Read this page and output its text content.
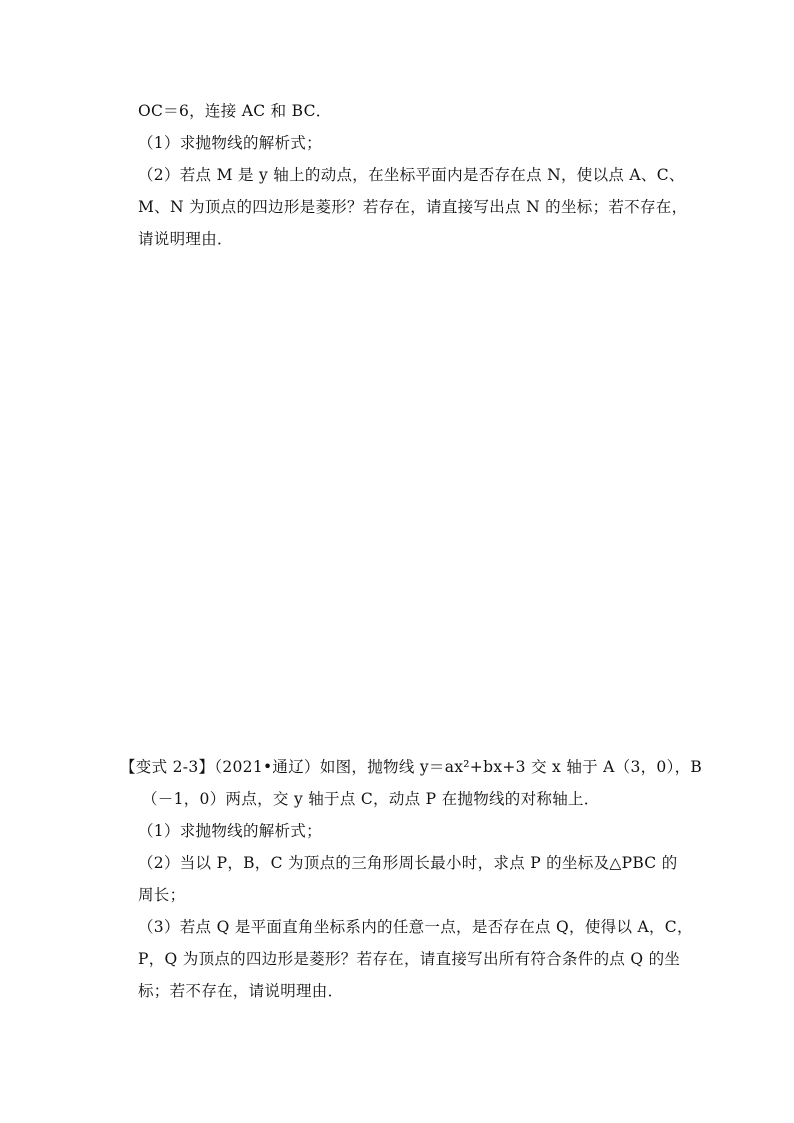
OC＝6，连接 AC 和 BC．
（1）求抛物线的解析式；
（2）若点 M 是 y 轴上的动点，在坐标平面内是否存在点 N，使以点 A、C、
M、N 为顶点的四边形是菱形？若存在，请直接写出点 N 的坐标；若不存在，
请说明理由．
【变式 2-3】（2021•通辽）如图，抛物线 y＝ax²+bx+3 交 x 轴于 A（3，0），B
（－1，0）两点，交 y 轴于点 C，动点 P 在抛物线的对称轴上．
（1）求抛物线的解析式；
（2）当以 P，B，C 为顶点的三角形周长最小时，求点 P 的坐标及△PBC 的
周长；
（3）若点 Q 是平面直角坐标系内的任意一点，是否存在点 Q，使得以 A，C，
P，Q 为顶点的四边形是菱形？若存在，请直接写出所有符合条件的点 Q 的坐
标；若不存在，请说明理由．
